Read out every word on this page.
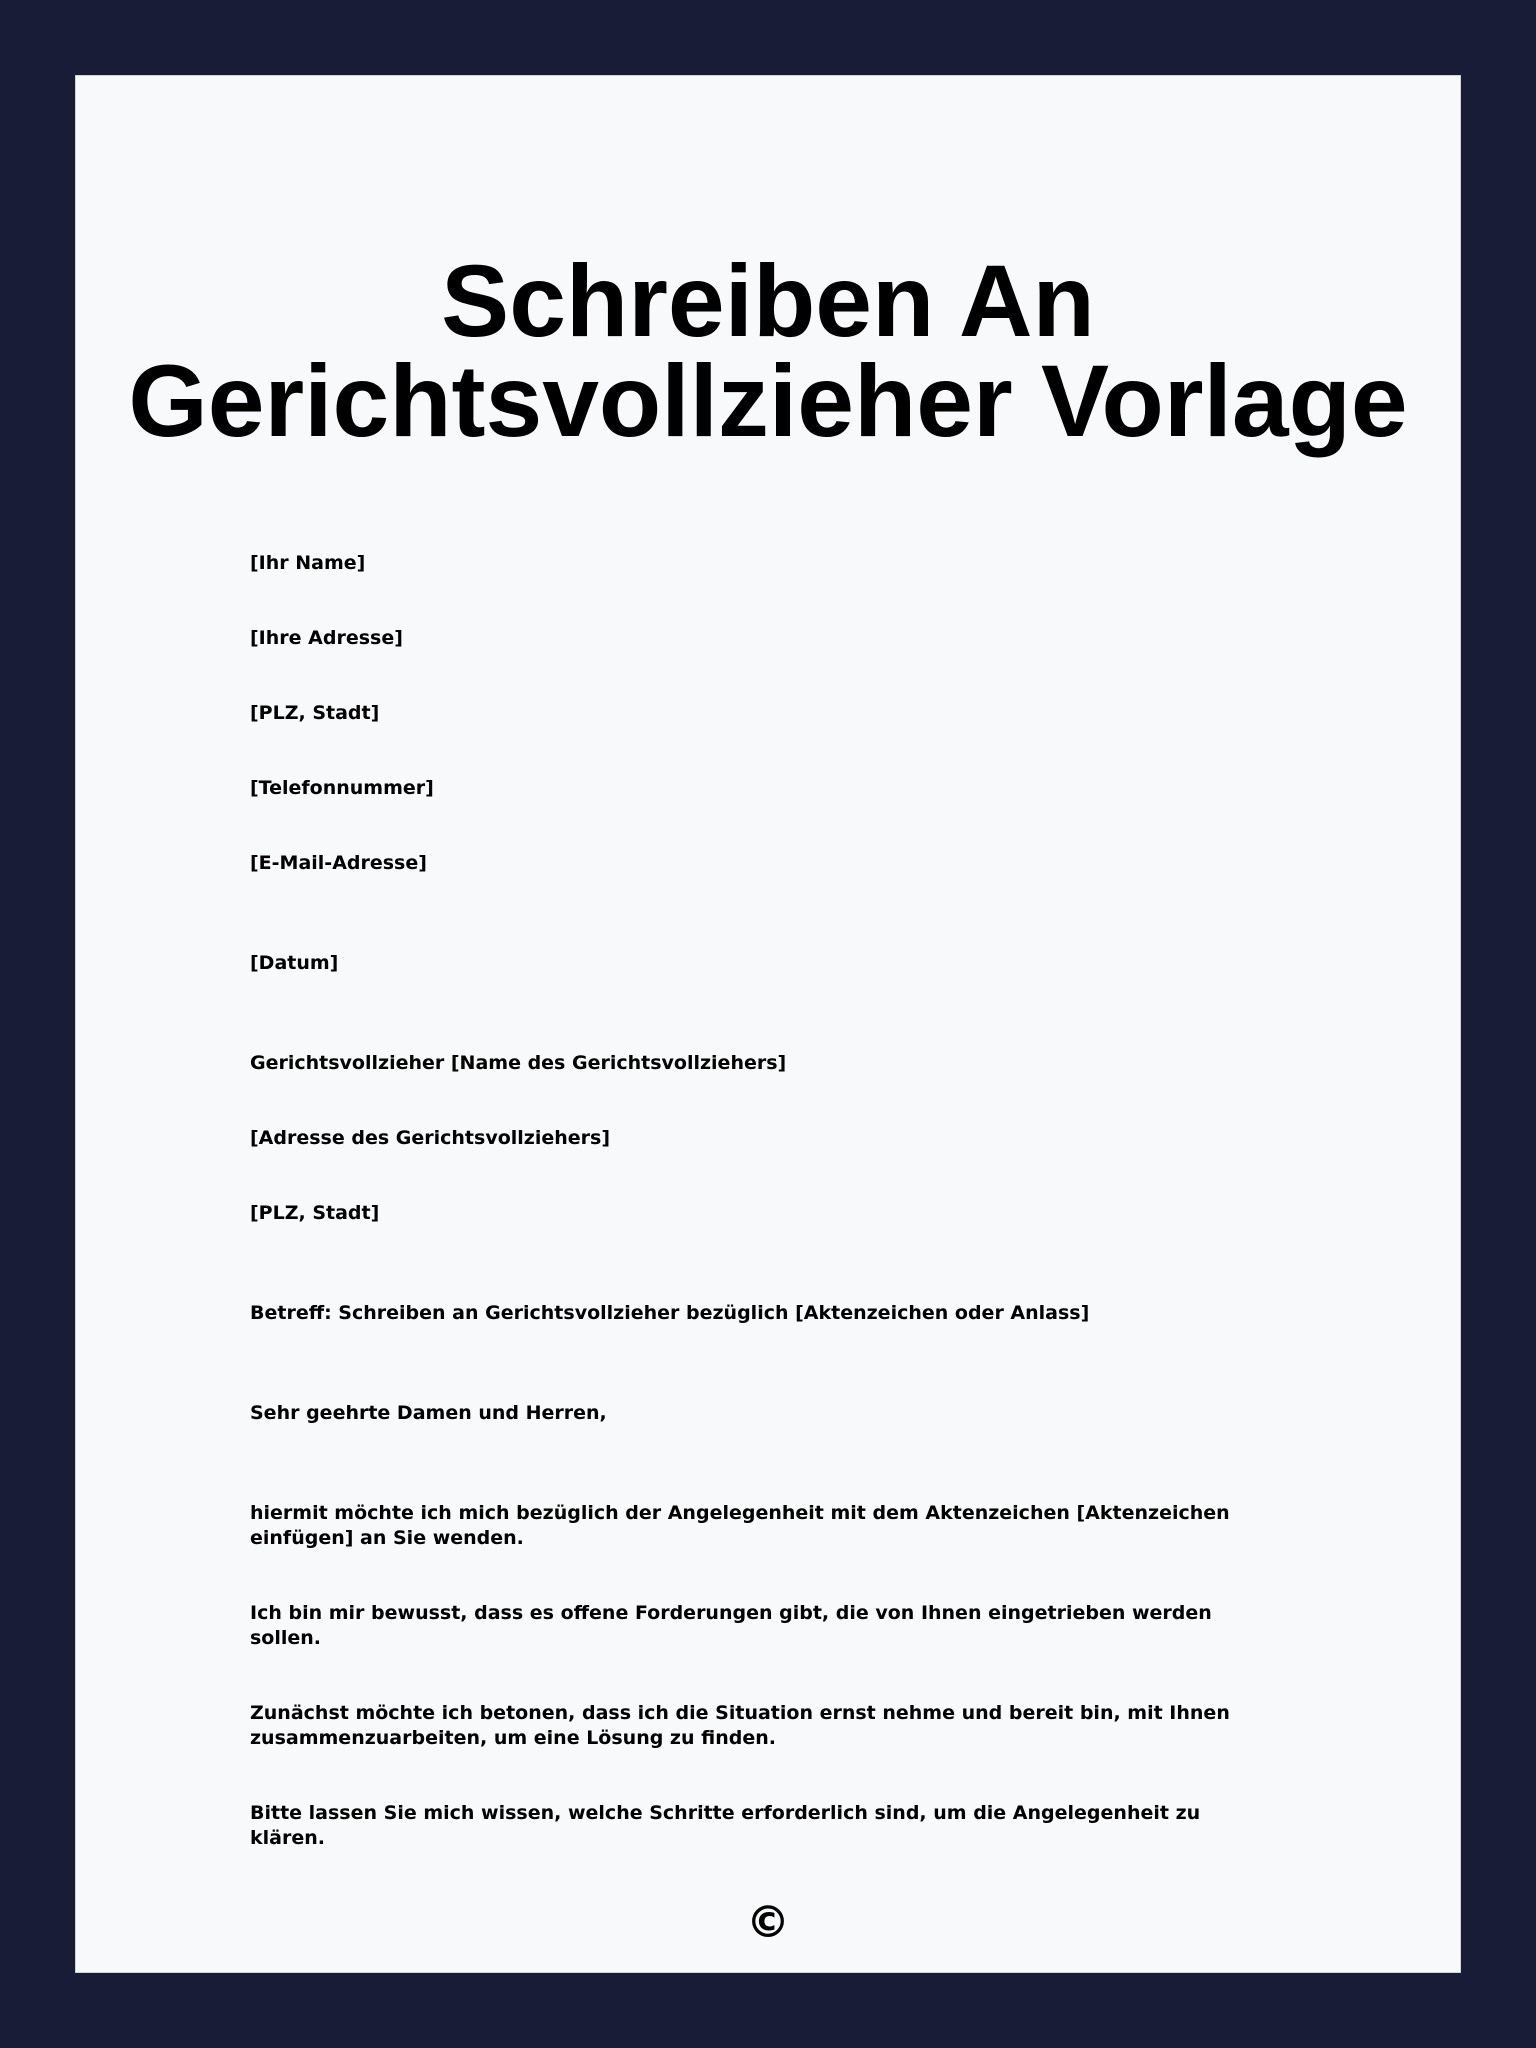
Schreiben An
Gerichtsvollzieher Vorlage

[Ihr Name]

[Ihre Adresse]

[PLZ, Stadt]

[Telefonnummer]

[E-Mail-Adresse]

[Datum]

Gerichtsvollzieher [Name des Gerichtsvollziehers]

[Adresse des Gerichtsvollziehers]

[PLZ, Stadt]

Betreff: Schreiben an Gerichtsvollzieher bezüglich [Aktenzeichen oder Anlass]

Sehr geehrte Damen und Herren,

hiermit möchte ich mich bezüglich der Angelegenheit mit dem Aktenzeichen [Aktenzeichen einfügen] an Sie wenden.

Ich bin mir bewusst, dass es offene Forderungen gibt, die von Ihnen eingetrieben werden sollen.

Zunächst möchte ich betonen, dass ich die Situation ernst nehme und bereit bin, mit Ihnen zusammenzuarbeiten, um eine Lösung zu finden.

Bitte lassen Sie mich wissen, welche Schritte erforderlich sind, um die Angelegenheit zu klären.

©
